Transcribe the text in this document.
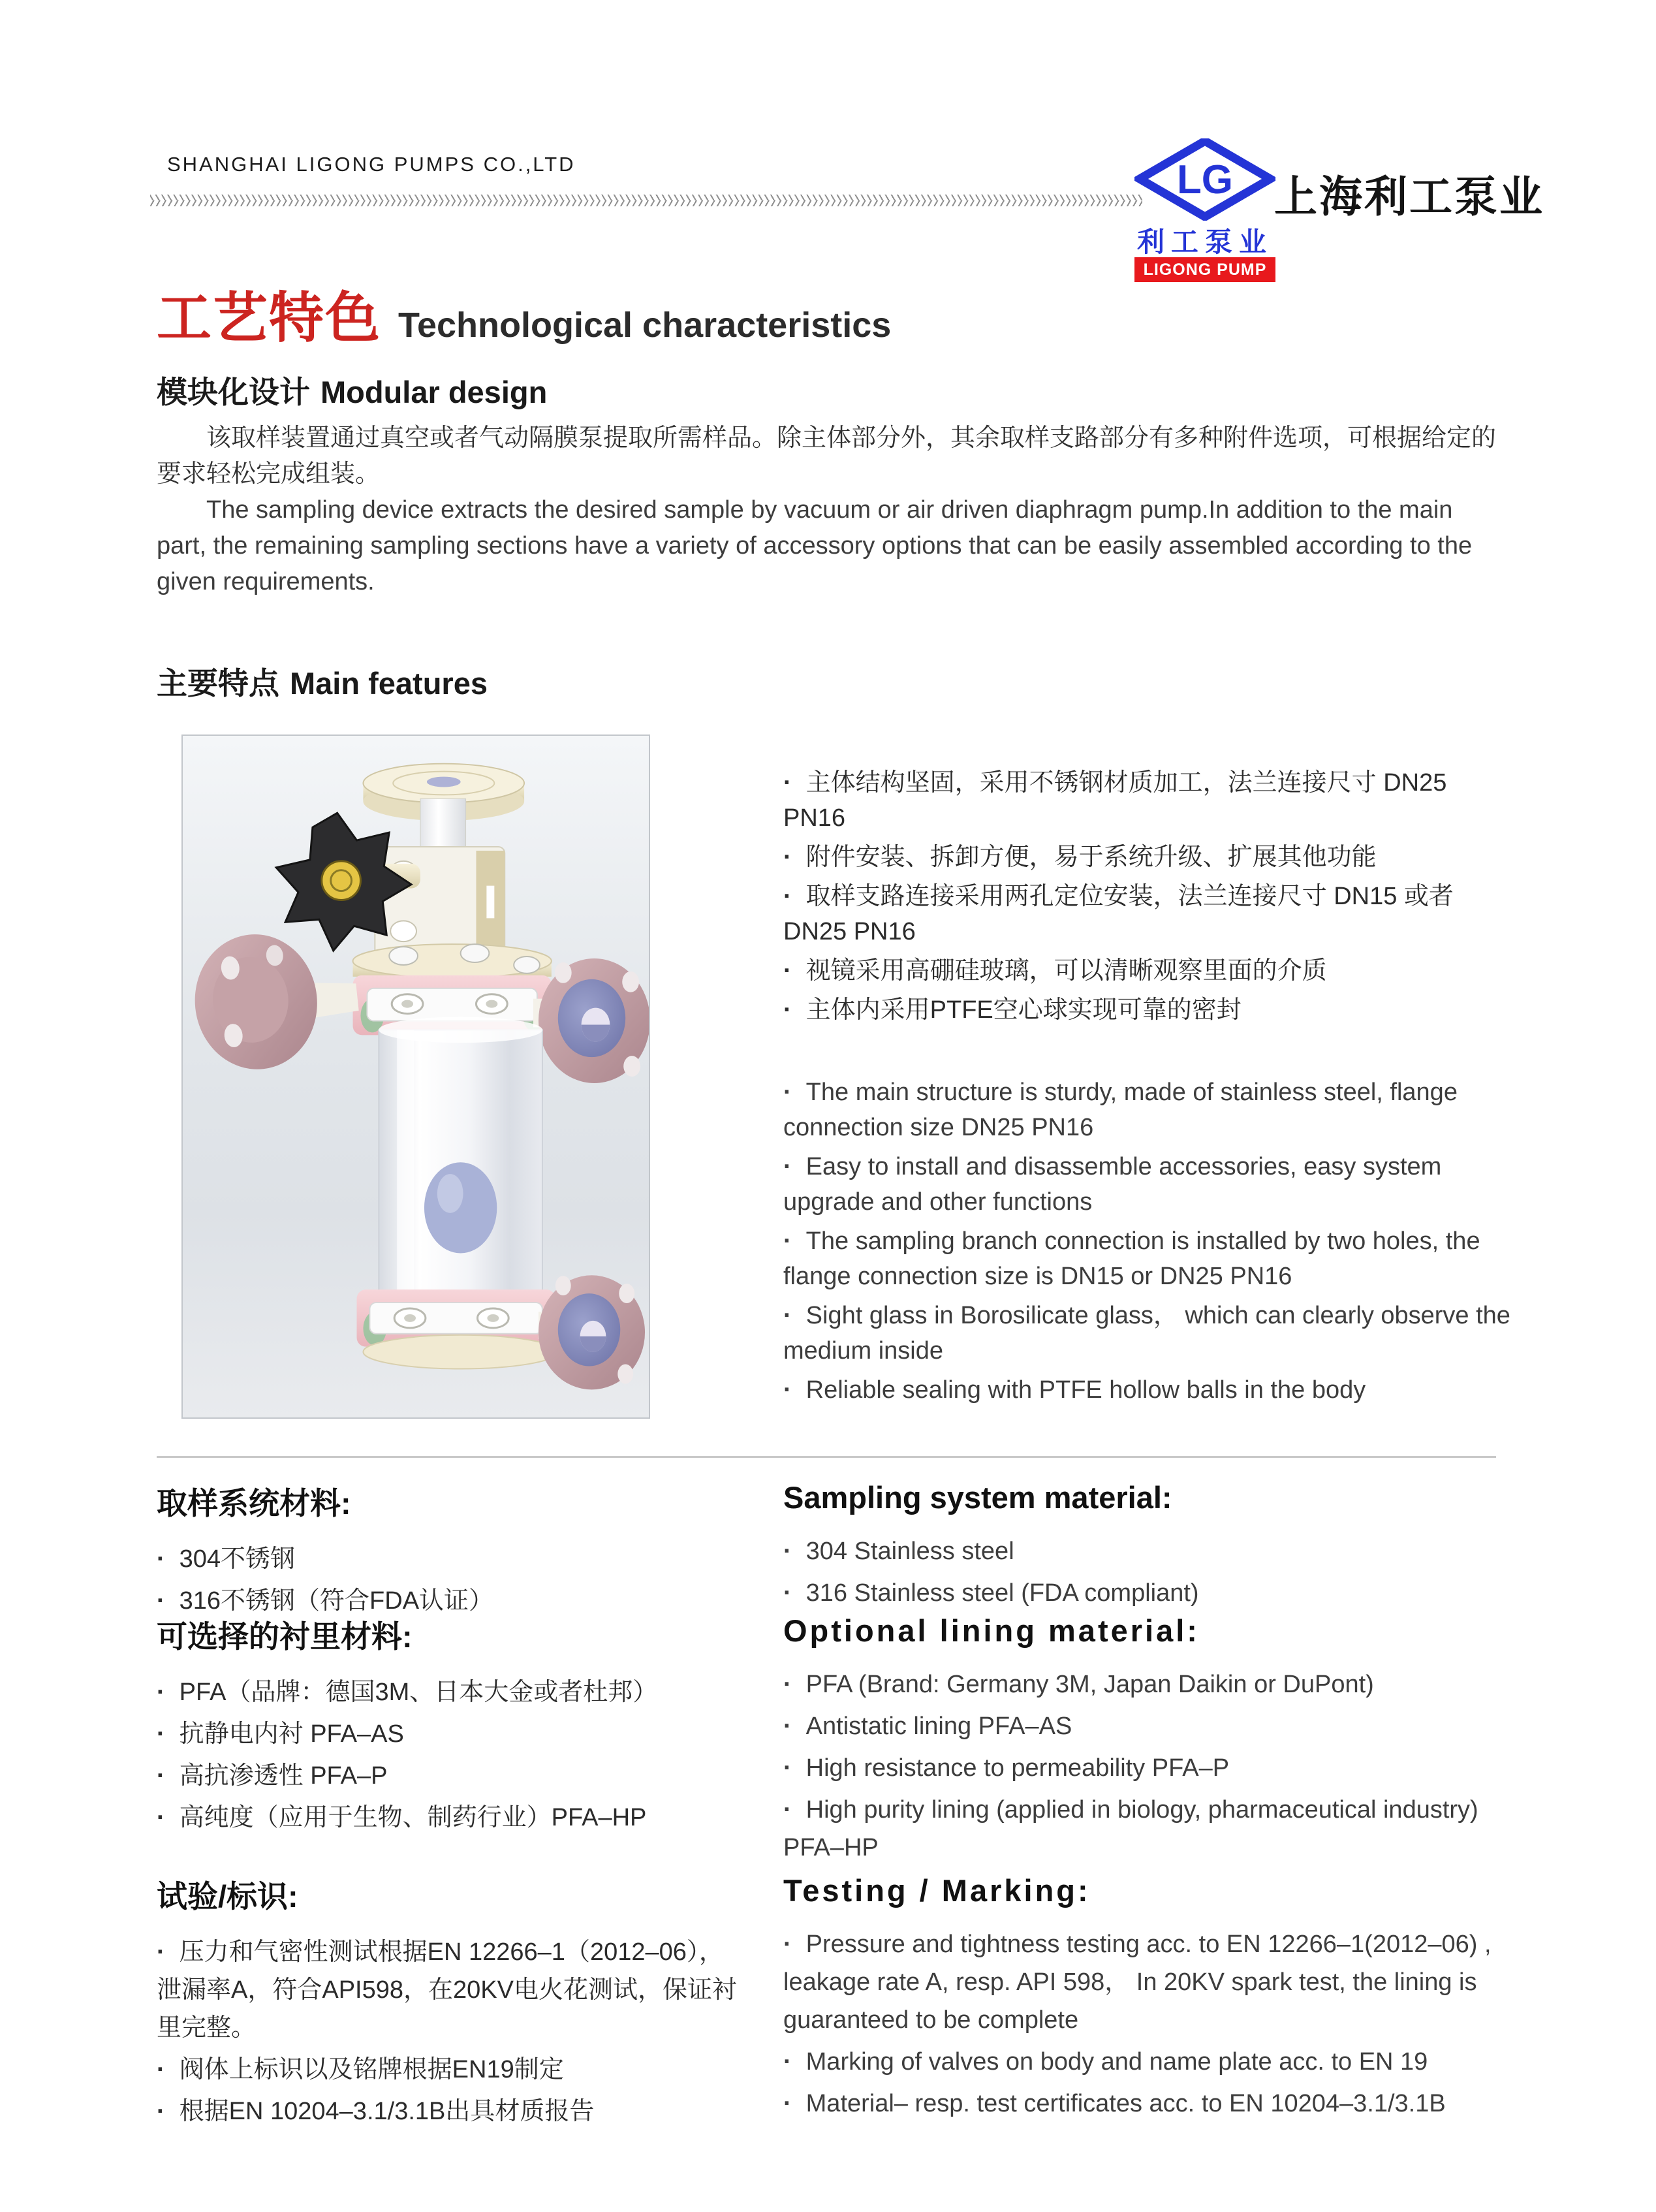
SHANGHAI LIGONG PUMPS CO.,LTD	LG
利工泵业
LIGONG PUMP
上海利工泵业
工艺特色 Technological characteristics
模块化设计 Modular design

该取样装置通过真空或者气动隔膜泵提取所需样品。除主体部分外，其余取样支路部分有多种附件选项，可根据给定的要求轻松完成组装。

The sampling device extracts the desired sample by vacuum or air driven diaphragm pump.In addition to the main part, the remaining sampling sections have a variety of accessory options that can be easily assembled according to the given requirements.

主要特点 Main features
· 主体结构坚固，采用不锈钢材质加工，法兰连接尺寸 DN25 PN16
· 附件安装、拆卸方便，易于系统升级、扩展其他功能
· 取样支路连接采用两孔定位安装，法兰连接尺寸 DN15 或者 DN25 PN16
· 视镜采用高硼硅玻璃，可以清晰观察里面的介质
· 主体内采用PTFE空心球实现可靠的密封
· The main structure is sturdy, made of stainless steel, flange connection size DN25 PN16
· Easy to install and disassemble accessories, easy system upgrade and other functions
· The sampling branch connection is installed by two holes, the flange connection size is DN15 or DN25 PN16
· Sight glass in Borosilicate glass， which can clearly observe the medium inside
· Reliable sealing with PTFE hollow balls in the body
取样系统材料:
· 304不锈钢
· 316不锈钢（符合FDA认证）
Sampling system material:
· 304 Stainless steel
· 316 Stainless steel (FDA compliant)
可选择的衬里材料:
· PFA（品牌：德国3M、日本大金或者杜邦）
· 抗静电内衬 PFA–AS
· 高抗渗透性 PFA–P
· 高纯度（应用于生物、制药行业）PFA–HP
Optional lining material:
· PFA (Brand: Germany 3M, Japan Daikin or DuPont)
· Antistatic lining PFA–AS
· High resistance to permeability PFA–P
· High purity lining (applied in biology, pharmaceutical industry) PFA–HP
试验/标识:
· 压力和气密性测试根据EN 12266–1（2012–06），泄漏率A，符合API598，在20KV电火花测试，保证衬里完整。
· 阀体上标识以及铭牌根据EN19制定
· 根据EN 10204–3.1/3.1B出具材质报告
Testing / Marking:
· Pressure and tightness testing acc. to EN 12266–1(2012–06) , leakage rate A, resp. API 598， In 20KV spark test, the lining is guaranteed to be complete
· Marking of valves on body and name plate acc. to EN 19
· Material– resp. test certificates acc. to EN 10204–3.1/3.1B
